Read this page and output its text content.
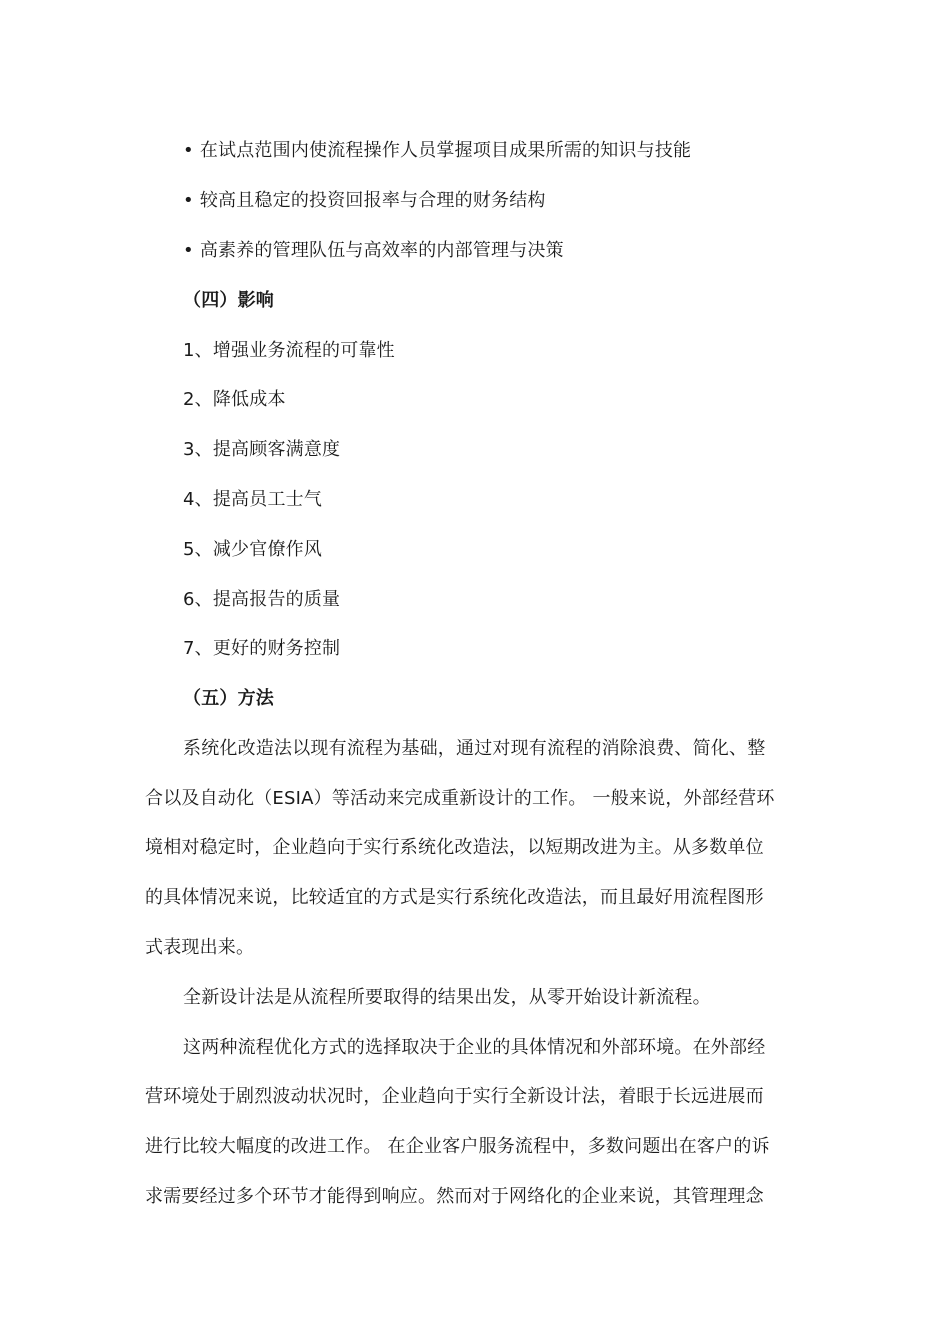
• 在试点范围内使流程操作人员掌握项目成果所需的知识与技能
• 较高且稳定的投资回报率与合理的财务结构
• 高素养的管理队伍与高效率的内部管理与决策
（四）影响
1、增强业务流程的可靠性
2、降低成本
3、提高顾客满意度
4、提高员工士气
5、减少官僚作风
6、提高报告的质量
7、更好的财务控制
（五）方法
系统化改造法以现有流程为基础，通过对现有流程的消除浪费、简化、整
合以及自动化（ESIA）等活动来完成重新设计的工作。 一般来说，外部经营环
境相对稳定时，企业趋向于实行系统化改造法，以短期改进为主。从多数单位
的具体情况来说，比较适宜的方式是实行系统化改造法，而且最好用流程图形
式表现出来。
全新设计法是从流程所要取得的结果出发，从零开始设计新流程。
这两种流程优化方式的选择取决于企业的具体情况和外部环境。在外部经
营环境处于剧烈波动状况时，企业趋向于实行全新设计法，着眼于长远进展而
进行比较大幅度的改进工作。 在企业客户服务流程中，多数问题出在客户的诉
求需要经过多个环节才能得到响应。然而对于网络化的企业来说，其管理理念
